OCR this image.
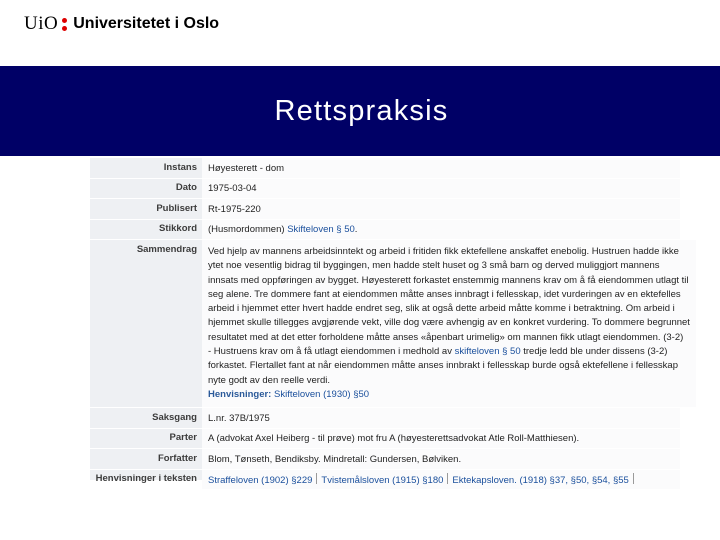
UiO Universitetet i Oslo
Rettspraksis
Instans	Høyesterett - dom
Dato	1975-03-04
Publisert	Rt-1975-220
Stikkord	(Husmordommen) Skifteloven § 50.
Sammendrag	Ved hjelp av mannens arbeidsinntekt og arbeid i fritiden fikk ektefellene anskaffet enebolig. Hustruen hadde ikke
ytet noe vesentlig bidrag til byggingen, men hadde stelt huset og 3 små barn og derved muliggjort mannens
innsats med oppføringen av bygget. Høyesterett forkastet enstemmig mannens krav om å få eiendommen utlagt til
seg alene. Tre dommere fant at eiendommen måtte anses innbragt i fellesskap, idet vurderingen av en ektefelles
arbeid i hjemmet etter hvert hadde endret seg, slik at også dette arbeid måtte komme i betraktning. Om arbeid i
hjemmet skulle tillegges avgjørende vekt, ville dog være avhengig av en konkret vurdering. To dommere begrunnet
resultatet med at det etter forholdene måtte anses «åpenbart urimelig» om mannen fikk utlagt eiendommen. (3-2)
- Hustruens krav om å få utlagt eiendommen i medhold av skifteloven § 50 tredje ledd ble under dissens (3-2)
forkastet. Flertallet fant at når eiendommen måtte anses innbrakt i fellesskap burde også ektefellene i fellesskap
nyte godt av den reelle verdi.
Henvisninger: Skifteloven (1930) §50
Saksgang	L.nr. 37B/1975
Parter	A (advokat Axel Heiberg - til prøve) mot fru A (høyesterettsadvokat Atle Roll-Matthiesen).
Forfatter	Blom, Tønseth, Bendiksby. Mindretall: Gundersen, Bølviken.
Henvisninger i teksten	Straffeloven (1902) §229 Tvistemålsloven (1915) §180 Ektekapsloven. (1918) §37, §50, §54, §55
